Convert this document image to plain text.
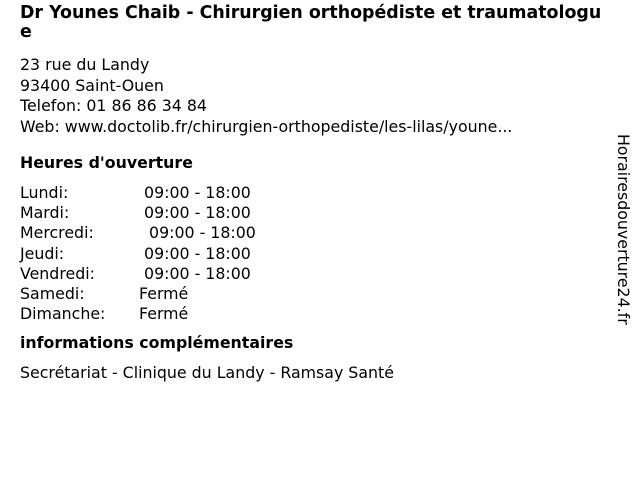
Dr Younes Chaib - Chirurgien orthopédiste et traumatologue
23 rue du Landy
93400 Saint-Ouen
Telefon: 01 86 86 34 84
Web: www.doctolib.fr/chirurgien-orthopediste/les-lilas/youne...
Heures d'ouverture
Lundi:	09:00 - 18:00
Mardi:	09:00 - 18:00
Mercredi:	09:00 - 18:00
Jeudi:	09:00 - 18:00
Vendredi:	09:00 - 18:00
Samedi:	Fermé
Dimanche:	Fermé
informations complémentaires
Secrétariat - Clinique du Landy - Ramsay Santé
Horairesdouverture24.fr
